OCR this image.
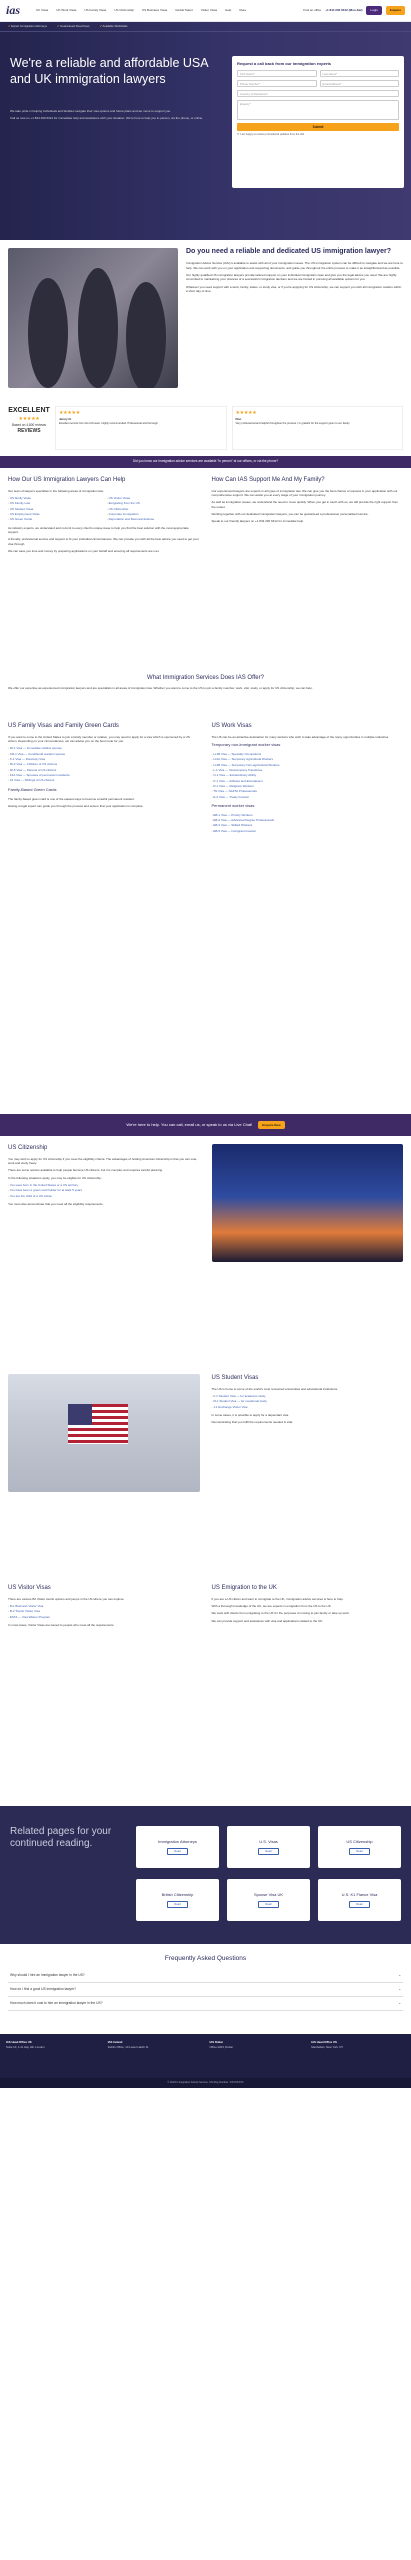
ias	UK Visas	UK Work Visas	US Family Visas	US Citizenship	US Business Visas	Global Talent	Visitor Visas	Help	More	Find an office +1 844 290 6312 (Mon-Sat)	Login	Enquire
✔ Expert Immigration Attorneys	✔ Guaranteed Fixed Fees	✔ Available Worldwide
We're a reliable and affordable USA and UK immigration lawyers

We take pride in helping individuals and families navigate their visa options and future plans and we move to support you.

Call us now on +1 844 290 6312 for immediate help and assistance with your situation. We're here to help you in-person, via the phone, or online.

Request a call back from our immigration experts
First Name*	Last Name*
Phone Number*	Email Address*
Country of Residence*
Enquiry*
Submit
☐ I am happy to receive promotional updates from the IAS
Do you need a reliable and dedicated US immigration lawyer?

Immigration Advice Service (IAS) is available to assist with all of your immigration issues. The US immigration system can be difficult to navigate and we are here to help. We can work with you on your application and supporting documents, and guide you throughout the entire process to make it as straightforward as possible.

Our highly qualified US immigration lawyers provide tailored support on your individual immigration case and give you the legal advice you need. We are highly committed to maintaining your chances of a successful immigration decision and we are limited in pursuing all available options for you.

Whatever you need support with a work, family, status, or study visa, or if you're applying for US citizenship, we can support you with all immigration matters within a short day of time.

EXCELLENT
★★★★★
Based on 4,800 reviews
REVIEWS
★★★★★
Jenny N.
Excellent service from the IAS team. Highly recommended. Professional and thorough.
★★★★★
Ron
Very professional and helpful throughout the process. I'm grateful for the support given to our family.
Did you know our immigration advice services are available "in person" at our offices, or via the phone?
How Our US Immigration Lawyers Can Help

Our team of lawyers specialise in the following areas of immigration law:

› US family Visas
› US Family Law
› US Student Visas
› US Employment Visas
› US Green Cards
› US Visitor Visas
› Emigrating from the US
› US Citizenship
› Corporate Immigration
› Deportation and Removal defense

As industry experts, we understand and commit to every client's unique issue to help you find the best solution with the most appropriate support.

A friendly, professional service and support to fit your individual circumstances. We can provide you with all the best advice you need to get your visa through.

We can save you time and money by preparing applications on your behalf and ensuring all requirements are met.

How Can IAS Support Me And My Family?

Our experienced lawyers are experts in all types of immigration law. We can give you the best chance of success in your application with our comprehensive support. We can assist you at every stage of your immigration journey.

As well as immigration issues, we understand the need to move quickly. When you get in touch with us, we will provide the right support from the outset.

Working together with our dedicated immigration lawyers, you can be guaranteed a professional, personalised service.

Speak to our friendly lawyers on +1 844 290 6312 for immediate help.

What Immigration Services Does IAS Offer?

We offer our expertise as experienced immigration lawyers and are specialists in all areas of immigration law. Whether you want to come to the US to join a family member, work, visit, study, or apply for US citizenship, we can help.

US Family Visas and Family Green Cards

If you want to come to the United States to join a family member or relative, you may need to apply for a visa which is sponsored by a US citizen. Depending on your circumstances, we can advise you on the best route for you.

› IR-1 Visa — Immediate relative spouse
› CR-1 Visa — Conditional resident spouse
› K-1 Visa — Fiancé(e) Visa
› IR-2 Visa — Children of US citizens
› IR-5 Visa — Parents of US citizens
› F2A Visa — Spouses of permanent residents
› F4 Visa — Siblings of US citizens
Family-Based Green Cards

The family-based green card is one of the easiest ways to become a lawful permanent resident.

Having a legal expert can guide you through the process and ensure that your application is complete.

US Work Visas

The US can be an attractive destination for many workers who wish to take advantage of the many opportunities in multiple industries.

Temporary non-immigrant worker visas
› H-1B Visa — Specialty Occupations
› H-2A Visa — Temporary Agricultural Workers
› H-2B Visa — Temporary Non-agricultural Workers
› L-1 Visa — Intracompany Transferee
› O-1 Visa — Extraordinary Ability
› P-1 Visa — Athletes and Entertainers
› R-1 Visa — Religious Workers
› TN Visa — NAFTA Professionals
› E-2 Visa — Treaty Investor
Permanent worker visas
› EB-1 Visa — Priority Workers
› EB-2 Visa — Advanced Degree Professionals
› EB-3 Visa — Skilled Workers
› EB-5 Visa — Immigrant Investor
We're here to help. You can call, email us, or speak to us via Live Chat!	Enquire Now
US Citizenship

You may wish to apply for US citizenship if you meet the eligibility criteria. The advantages of holding American citizenship is that you can vote, work and study freely.

There are some options available to help people become US citizens, but it is complex and requires careful planning.

In the following situations apply, you may be eligible for US citizenship:

› You were born in the United States or a US territory
› You have been a green card holder for at least 5 years
› You are the child of a US citizen

You must also demonstrate that you meet all the eligibility requirements.

US Student Visas

The US is home to some of the world's most renowned universities and educational institutions.

› F-1 Student Visa — for academic study
› M-1 Student Visa — for vocational study
› J-1 Exchange Visitor Visa

In some cases, it is possible to apply for a dependant visa.

Demonstrating that you fulfil the requirements needed is vital.

US Visitor Visas

There are various B2 Visitor tourist options and jumps in the US where you can explore.

› B-1 Business Visitor Visa
› B-2 Tourist Visitor Visa
› ESTA — Visa Waiver Program

In most cases, Visitor Visas are issued to people who meet all the requirements.

US Emigration to the UK

If you are a US citizen and want to immigrate to the UK, immigration advice services is here to help.

With a thorough knowledge of the UK, we are experts in emigration from the US to the UK.

We work with clients from emigrating to the UK for the purposes of moving to join family or take up work.

We can provide support and assistance with visa and applications related to the UK.

Related pages for your continued reading.	Immigration Attorneys
Read
U.S. Visas
Read
US Citizenship
Read
British Citizenship
Read
Spouse Visa UK
Read
U.S. K1 Fiance Visa
Read
Frequently Asked Questions
Why should I hire an immigration lawyer in the US?	⌄
How do I find a good US immigration lawyer?	⌄
How much does it cost to hire an immigration lawyer in the US?	⌄
IAS Head Office UK
Suite 10, 1-11 Hay Hill, London
IAS Ireland
Dublin Office, 10 Lower Hatch St
IAS Dubai
Office 2203, Dubai
IAS Head Office US
Manhattan, New York, NY
© 2024 Immigration Advice Service. US Reg Number: XXXXXXXX
